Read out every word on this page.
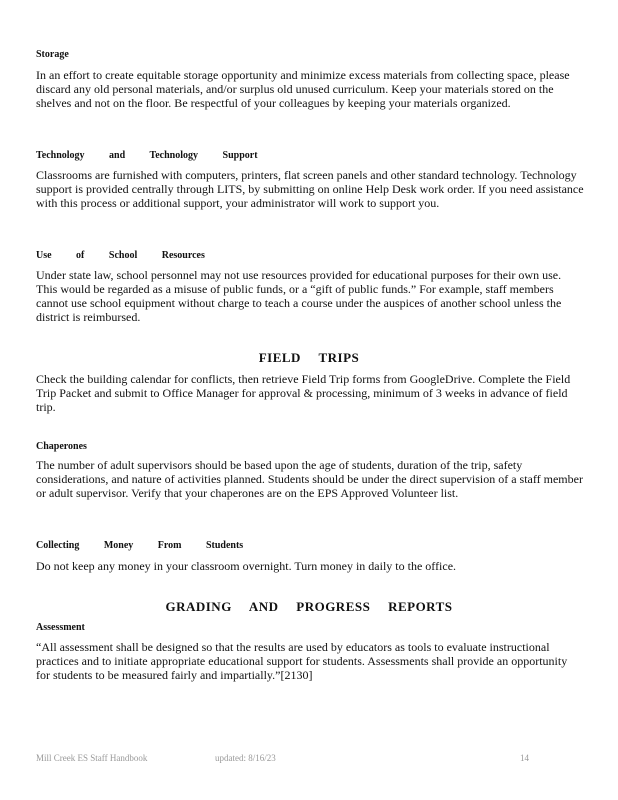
Storage

In an effort to create equitable storage opportunity and minimize excess materials from collecting space, please discard any old personal materials, and/or surplus old unused curriculum. Keep your materials stored on the shelves and not on the floor. Be respectful of your colleagues by keeping your materials organized.

Technology and Technology Support

Classrooms are furnished with computers, printers, flat screen panels and other standard technology. Technology support is provided centrally through LITS, by submitting on online Help Desk work order. If you need assistance with this process or additional support, your administrator will work to support you.

Use of School Resources

Under state law, school personnel may not use resources provided for educational purposes for their own use. This would be regarded as a misuse of public funds, or a “gift of public funds.” For example, staff members cannot use school equipment without charge to teach a course under the auspices of another school unless the district is reimbursed.

FIELD TRIPS

Check the building calendar for conflicts, then retrieve Field Trip forms from GoogleDrive. Complete the Field Trip Packet and submit to Office Manager for approval & processing, minimum of 3 weeks in advance of field trip.

Chaperones

The number of adult supervisors should be based upon the age of students, duration of the trip, safety considerations, and nature of activities planned. Students should be under the direct supervision of a staff member or adult supervisor. Verify that your chaperones are on the EPS Approved Volunteer list.

Collecting Money From Students

Do not keep any money in your classroom overnight. Turn money in daily to the office.

GRADING AND PROGRESS REPORTS
Assessment

“All assessment shall be designed so that the results are used by educators as tools to evaluate instructional practices and to initiate appropriate educational support for students. Assessments shall provide an opportunity for students to be measured fairly and impartially.”[2130]

Mill Creek ES Staff Handbook	updated: 8/16/23	14
